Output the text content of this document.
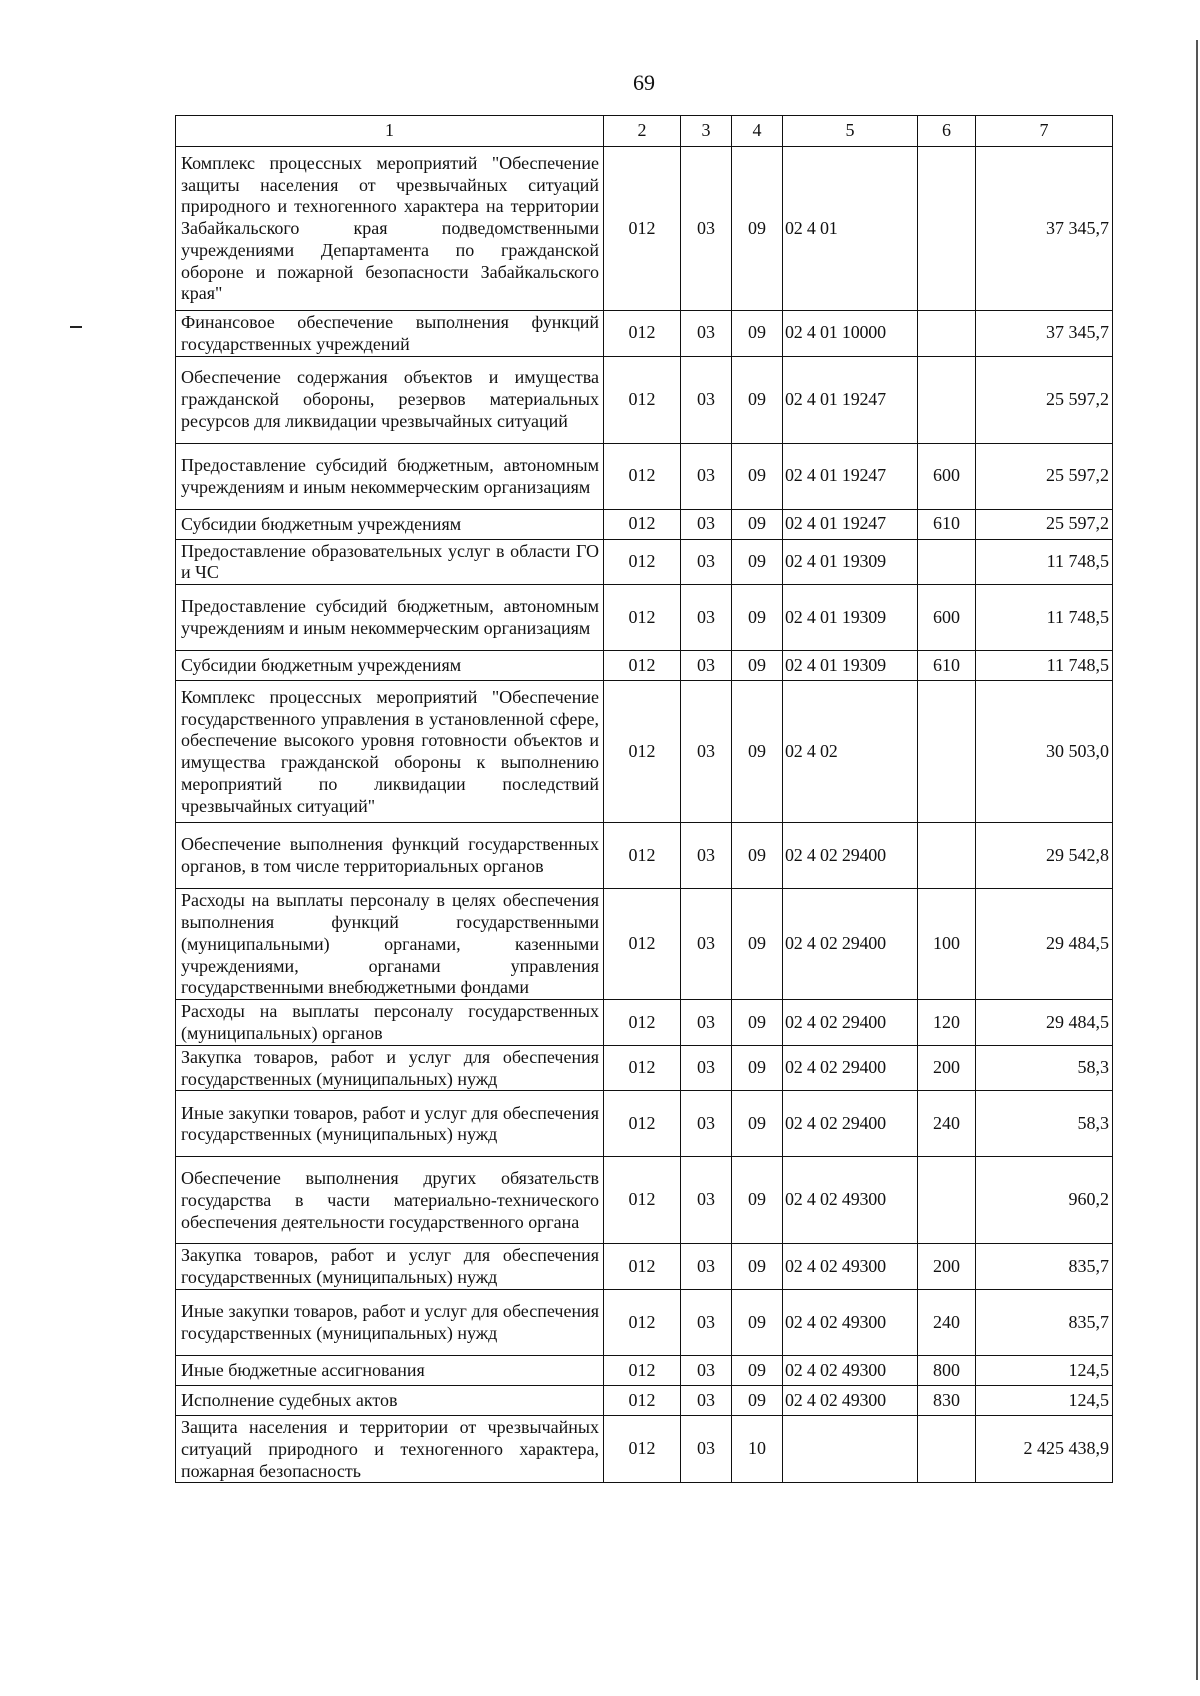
69
1	2	3	4	5	6	7
Комплекс процессных мероприятий "Обеспечение защиты населения от чрезвычайных ситуаций природного и техногенного характера на территории Забайкальского края подведомственными учреждениями Департамента по гражданской обороне и пожарной безопасности Забайкальского края"	012	03	09	02 4 01		37 345,7
Финансовое обеспечение выполнения функций государственных учреждений	012	03	09	02 4 01 10000		37 345,7
Обеспечение содержания объектов и имущества гражданской обороны, резервов материальных ресурсов для ликвидации чрезвычайных ситуаций	012	03	09	02 4 01 19247		25 597,2
Предоставление субсидий бюджетным, автономным учреждениям и иным некоммерческим организациям	012	03	09	02 4 01 19247	600	25 597,2
Субсидии бюджетным учреждениям	012	03	09	02 4 01 19247	610	25 597,2
Предоставление образовательных услуг в области ГО и ЧС	012	03	09	02 4 01 19309		11 748,5
Предоставление субсидий бюджетным, автономным учреждениям и иным некоммерческим организациям	012	03	09	02 4 01 19309	600	11 748,5
Субсидии бюджетным учреждениям	012	03	09	02 4 01 19309	610	11 748,5
Комплекс процессных мероприятий "Обеспечение государственного управления в установленной сфере, обеспечение высокого уровня готовности объектов и имущества гражданской обороны к выполнению мероприятий по ликвидации последствий чрезвычайных ситуаций"	012	03	09	02 4 02		30 503,0
Обеспечение выполнения функций государственных органов, в том числе территориальных органов	012	03	09	02 4 02 29400		29 542,8
Расходы на выплаты персоналу в целях обеспечения выполнения функций государственными (муниципальными) органами, казенными учреждениями, органами управления государственными внебюджетными фондами	012	03	09	02 4 02 29400	100	29 484,5
Расходы на выплаты персоналу государственных (муниципальных) органов	012	03	09	02 4 02 29400	120	29 484,5
Закупка товаров, работ и услуг для обеспечения государственных (муниципальных) нужд	012	03	09	02 4 02 29400	200	58,3
Иные закупки товаров, работ и услуг для обеспечения государственных (муниципальных) нужд	012	03	09	02 4 02 29400	240	58,3
Обеспечение выполнения других обязательств государства в части материально-технического обеспечения деятельности государственного органа	012	03	09	02 4 02 49300		960,2
Закупка товаров, работ и услуг для обеспечения государственных (муниципальных) нужд	012	03	09	02 4 02 49300	200	835,7
Иные закупки товаров, работ и услуг для обеспечения государственных (муниципальных) нужд	012	03	09	02 4 02 49300	240	835,7
Иные бюджетные ассигнования	012	03	09	02 4 02 49300	800	124,5
Исполнение судебных актов	012	03	09	02 4 02 49300	830	124,5
Защита населения и территории от чрезвычайных ситуаций природного и техногенного характера, пожарная безопасность	012	03	10			2 425 438,9
